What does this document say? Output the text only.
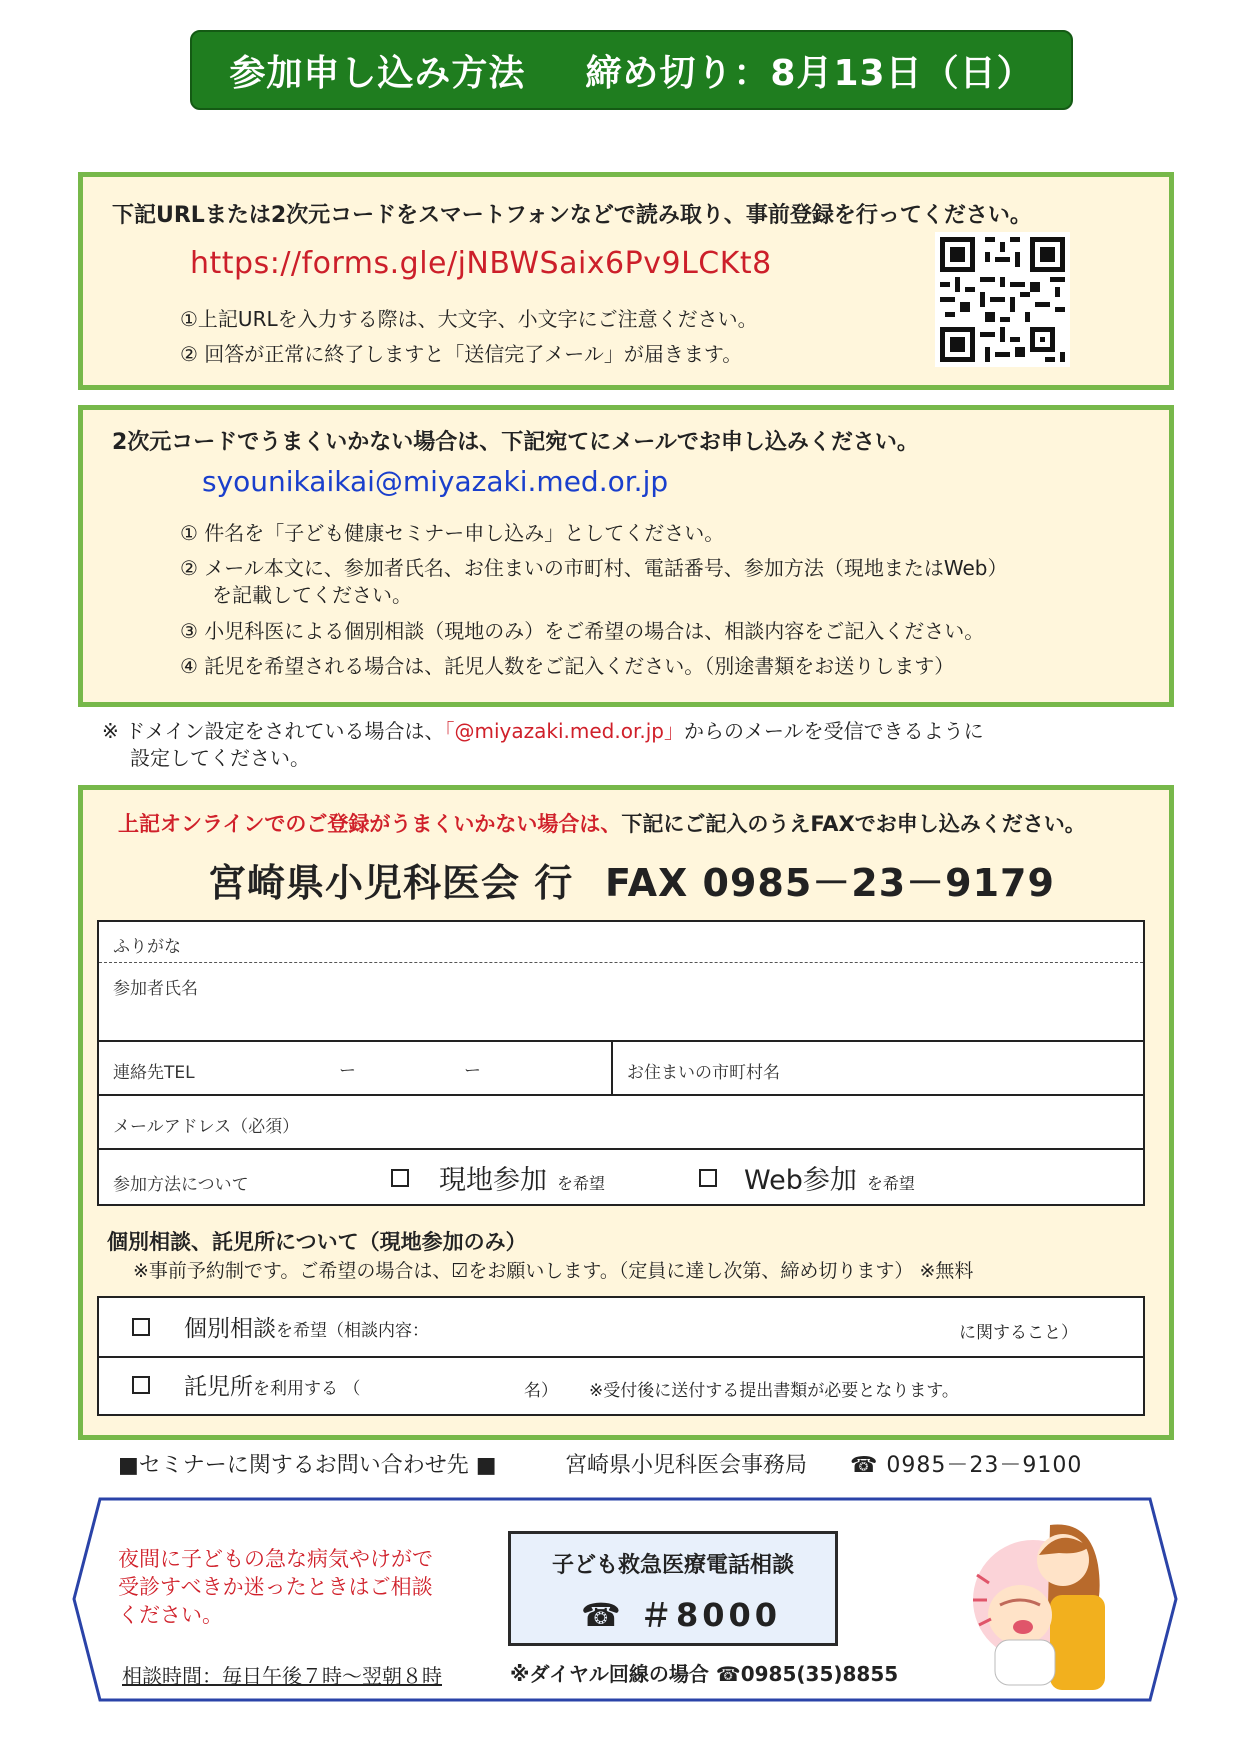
参加申し込み方法 締め切り：8月13日（日）
下記URLまたは2次元コードをスマートフォンなどで読み取り、事前登録を行ってください。
https://forms.gle/jNBWSaix6Pv9LCKt8
①上記URLを入力する際は、大文字、小文字にご注意ください。
② 回答が正常に終了しますと「送信完了メール」が届きます。
2次元コードでうまくいかない場合は、下記宛てにメールでお申し込みください。
syounikaikai@miyazaki.med.or.jp
① 件名を「子ども健康セミナー申し込み」としてください。
② メール本文に、参加者氏名、お住まいの市町村、電話番号、参加方法（現地またはWeb）
を記載してください。
③ 小児科医による個別相談（現地のみ）をご希望の場合は、相談内容をご記入ください。
④ 託児を希望される場合は、託児人数をご記入ください。（別途書類をお送りします）
※ ドメイン設定をされている場合は、「@miyazaki.med.or.jp」からのメールを受信できるように
設定してください。
上記オンラインでのご登録がうまくいかない場合は、下記にご記入のうえFAXでお申し込みください。
宮崎県小児科医会 行 FAX 0985－23－9179
ふりがな
参加者氏名
連絡先TEL	ー	ー	お住まいの市町村名
メールアドレス（必須）
参加方法について	現地参加 を希望	Web参加 を希望
個別相談、託児所について（現地参加のみ）
※事前予約制です。ご希望の場合は、☑をお願いします。（定員に達し次第、締め切ります） ※無料
個別相談を希望（相談内容：	に関すること）
託児所を利用する （	名） ※受付後に送付する提出書類が必要となります。
■セミナーに関するお問い合わせ先 ■	宮崎県小児科医会事務局 ☎ 0985－23－9100
夜間に子どもの急な病気やけがで
受診すべきか迷ったときはご相談
ください。
相談時間：毎日午後７時～翌朝８時
子ども救急医療電話相談
☎ ＃8000
※ダイヤル回線の場合 ☎0985(35)8855
